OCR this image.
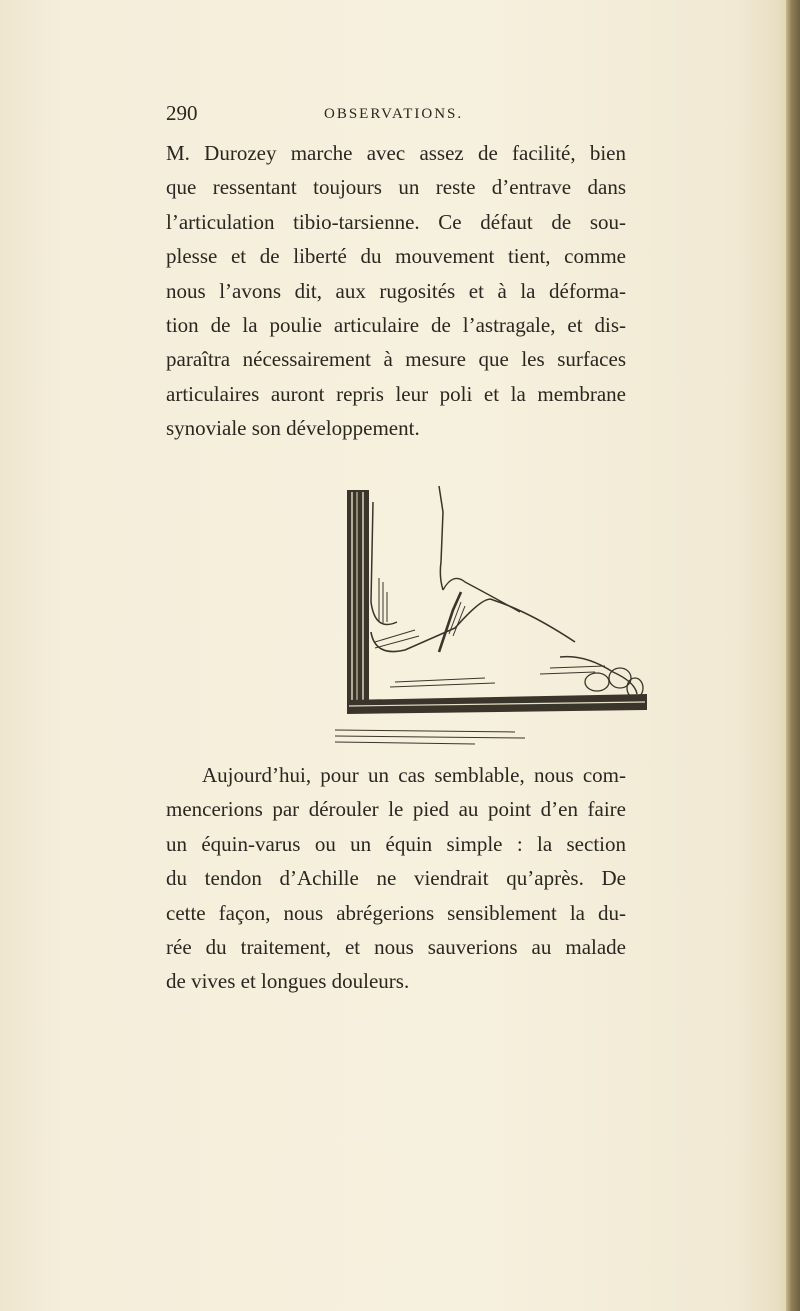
290	OBSERVATIONS.
M. Durozey marche avec assez de facilité, bien
que ressentant toujours un reste d’entrave dans
l’articulation tibio-tarsienne. Ce défaut de sou-
plesse et de liberté du mouvement tient, comme
nous l’avons dit, aux rugosités et à la déforma-
tion de la poulie articulaire de l’astragale, et dis-
paraîtra nécessairement à mesure que les surfaces
articulaires auront repris leur poli et la membrane
synoviale son développement.
Aujourd’hui, pour un cas semblable, nous com-
mencerions par dérouler le pied au point d’en faire
un équin-varus ou un équin simple : la section
du tendon d’Achille ne viendrait qu’après. De
cette façon, nous abrégerions sensiblement la du-
rée du traitement, et nous sauverions au malade
de vives et longues douleurs.
